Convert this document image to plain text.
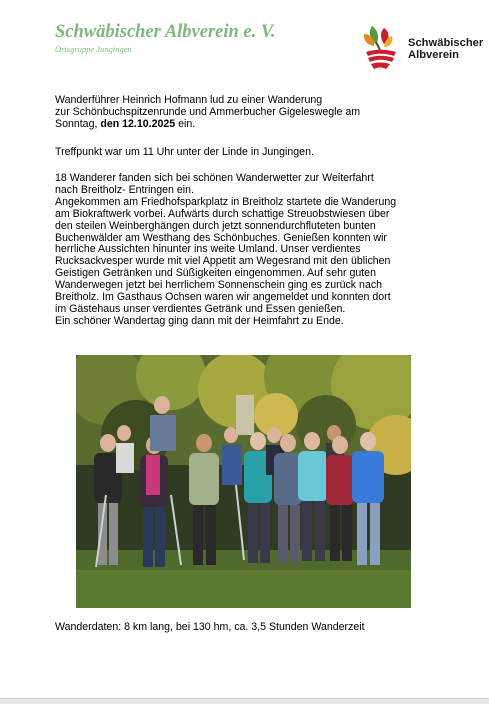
Schwäbischer Albverein e. V.
Ortsgruppe Jungingen	Schwäbischer
Albverein
Wanderführer Heinrich Hofmann lud zu einer Wanderung
zur Schönbuchspitzenrunde und Ammerbucher Gigeleswegle am
Sonntag, den 12.10.2025 ein.
Treffpunkt war um 11 Uhr unter der Linde in Jungingen.
18 Wanderer fanden sich bei schönen Wanderwetter zur Weiterfahrt
nach Breitholz- Entringen ein.
Angekommen am Friedhofsparkplatz in Breitholz startete die Wanderung
am Biokraftwerk vorbei. Aufwärts durch schattige Streuobstwiesen über
den steilen Weinberghängen durch jetzt sonnendurchfluteten bunten
Buchenwälder am Westhang des Schönbuches. Genießen konnten wir
herrliche Aussichten hinunter ins weite Umland. Unser verdientes
Rucksackvesper wurde mit viel Appetit am Wegesrand mit den üblichen
Geistigen Getränken und Süßigkeiten eingenommen. Auf sehr guten
Wanderwegen jetzt bei herrlichem Sonnenschein ging es zurück nach
Breitholz. Im Gasthaus Ochsen waren wir angemeldet und konnten dort
im Gästehaus unser verdientes Getränk und Essen genießen.
Ein schöner Wandertag ging dann mit der Heimfahrt zu Ende.
Wanderdaten: 8 km lang, bei 130 hm, ca. 3,5 Stunden Wanderzeit
